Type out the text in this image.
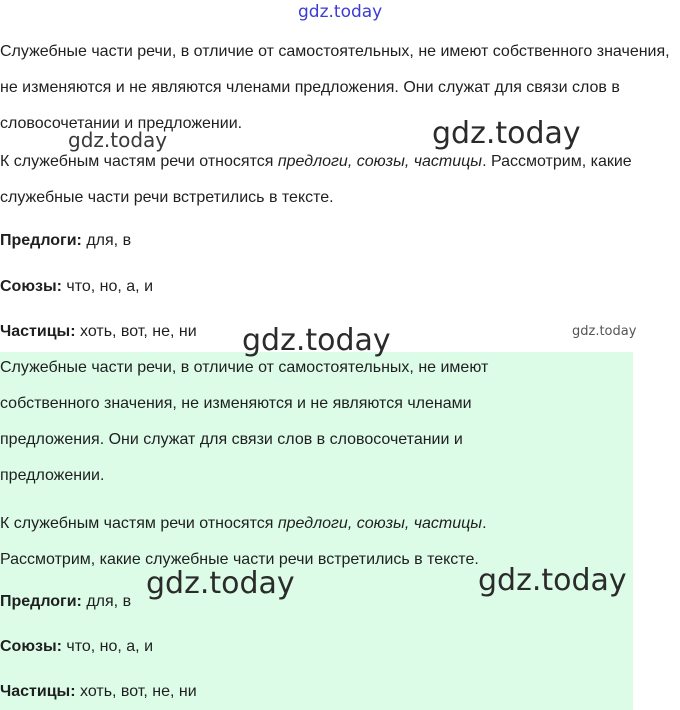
gdz.today
gdz.today	gdz.today
gdz.today
gdz.today
gdz.today	gdz.today

Служебные части речи, в отличие от самостоятельных, не имеют собственного значения, не изменяются и не являются членами предложения. Они служат для связи слов в словосочетании и предложении.

К служебным частям речи относятся предлоги, союзы, частицы. Рассмотрим, какие служебные части речи встретились в тексте.

Предлоги: для, в

Союзы: что, но, а, и

Частицы: хоть, вот, не, ни

Служебные части речи, в отличие от самостоятельных, не имеют собственного значения, не изменяются и не являются членами предложения. Они служат для связи слов в словосочетании и предложении.

К служебным частям речи относятся предлоги, союзы, частицы. Рассмотрим, какие служебные части речи встретились в тексте.

Предлоги: для, в

Союзы: что, но, а, и

Частицы: хоть, вот, не, ни
